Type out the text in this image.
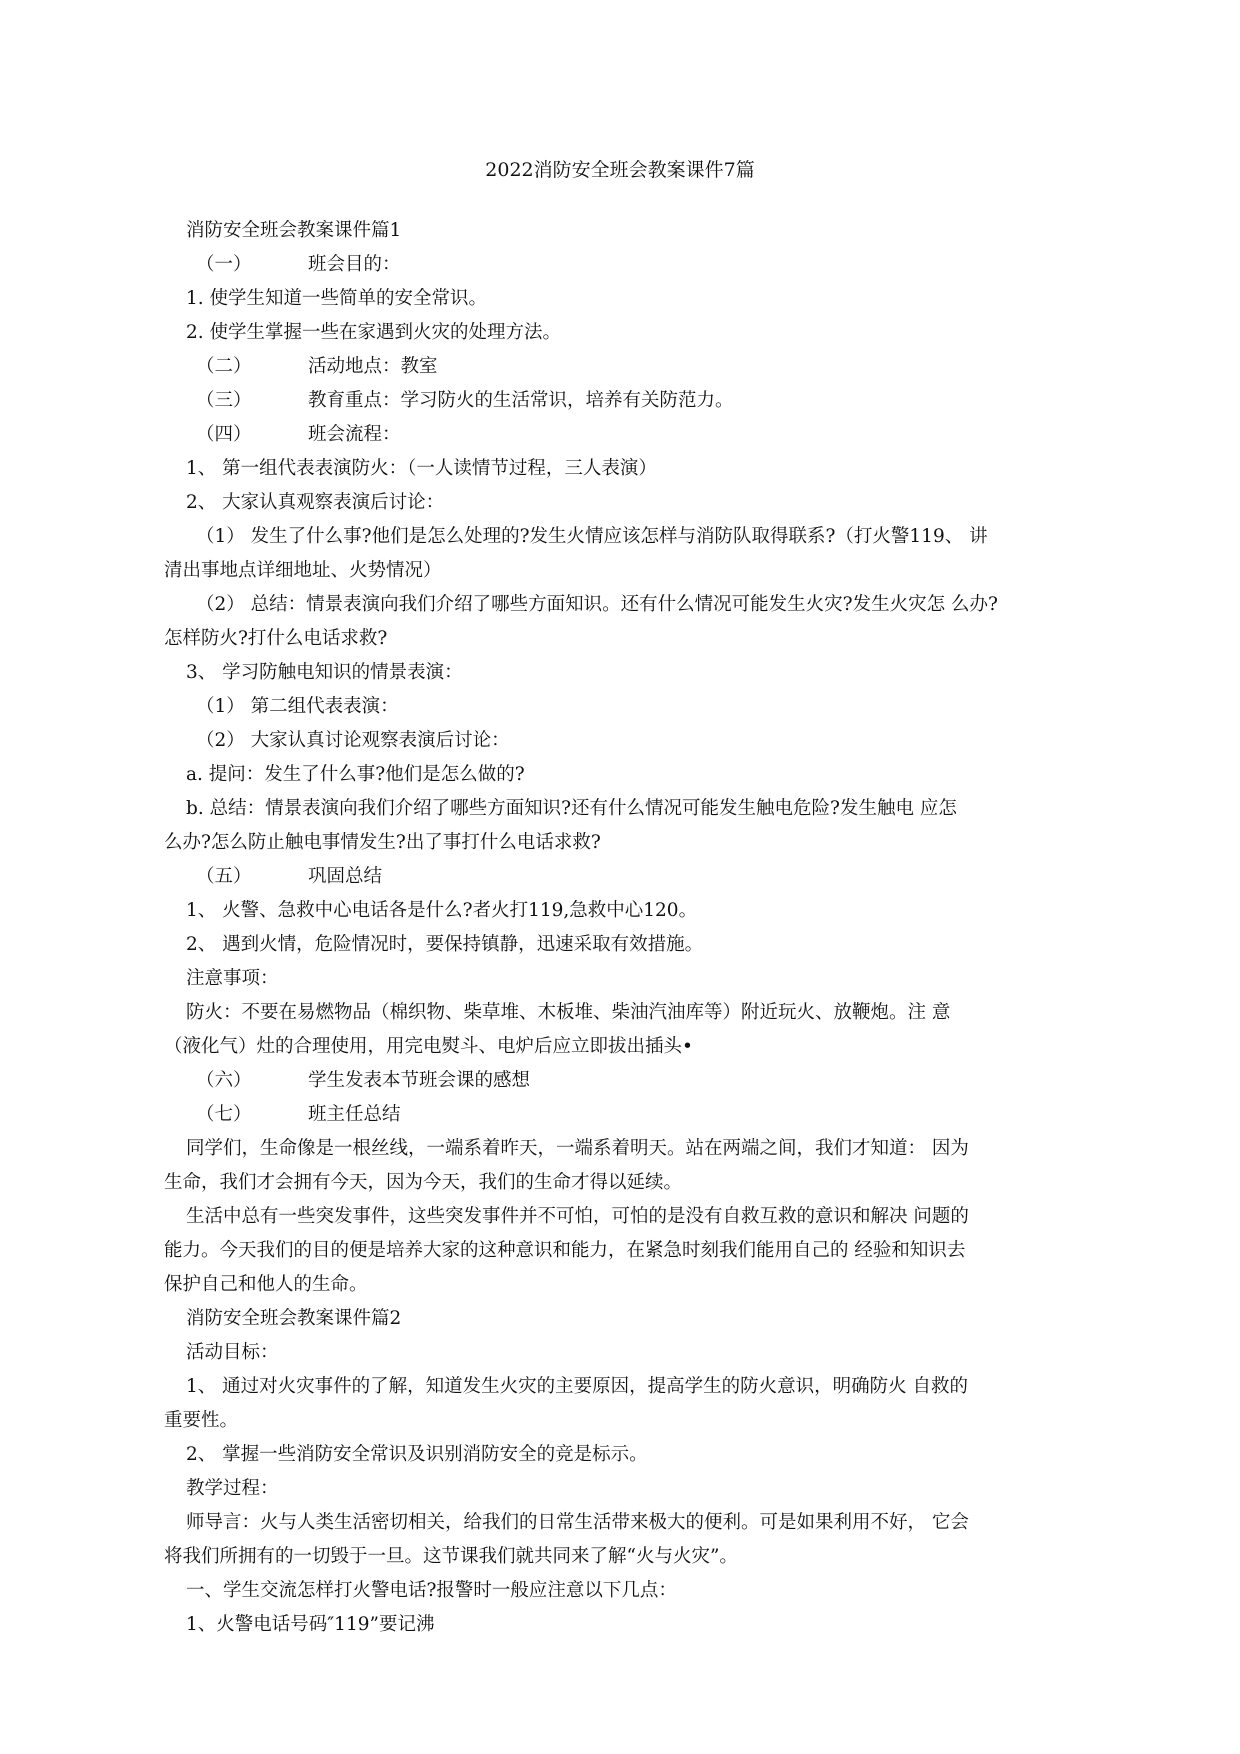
2022消防安全班会教案课件7篇
消防安全班会教案课件篇1
（一）	班会目的：
1. 使学生知道一些简单的安全常识。
2. 使学生掌握一些在家遇到火灾的处理方法。
（二）	活动地点：教室
（三）	教育重点：学习防火的生活常识，培养有关防范力。
（四）	班会流程：
1、 第一组代表表演防火：（一人读情节过程，三人表演）
2、 大家认真观察表演后讨论：
（1） 发生了什么事?他们是怎么处理的?发生火情应该怎样与消防队取得联系?（打火警119、 讲
清出事地点详细地址、火势情况）
（2） 总结：情景表演向我们介绍了哪些方面知识。还有什么情况可能发生火灾?发生火灾怎 么办?
怎样防火?打什么电话求救?
3、 学习防触电知识的情景表演：
（1） 第二组代表表演：
（2） 大家认真讨论观察表演后讨论：
a. 提问：发生了什么事?他们是怎么做的?
b. 总结：情景表演向我们介绍了哪些方面知识?还有什么情况可能发生触电危险?发生触电 应怎
么办?怎么防止触电事情发生?出了事打什么电话求救?
（五）	巩固总结
1、 火警、急救中心电话各是什么?者火打119,急救中心120。
2、 遇到火情，危险情况时，要保持镇静，迅速采取有效措施。
注意事项：
防火：不要在易燃物品（棉织物、柴草堆、木板堆、柴油汽油库等）附近玩火、放鞭炮。注 意
（液化气）灶的合理使用，用完电熨斗、电炉后应立即拔出插头•
（六）	学生发表本节班会课的感想
（七）	班主任总结
同学们，生命像是一根丝线，一端系着昨天，一端系着明天。站在两端之间，我们才知道： 因为
生命，我们才会拥有今天，因为今天，我们的生命才得以延续。
生活中总有一些突发事件，这些突发事件并不可怕，可怕的是没有自救互救的意识和解决 问题的
能力。今天我们的目的便是培养大家的这种意识和能力，在紧急时刻我们能用自己的 经验和知识去
保护自己和他人的生命。
消防安全班会教案课件篇2
活动目标：
1、 通过对火灾事件的了解，知道发生火灾的主要原因，提高学生的防火意识，明确防火 自救的
重要性。
2、 掌握一些消防安全常识及识别消防安全的竞是标示。
教学过程：
师导言：火与人类生活密切相关，给我们的日常生活带来极大的便利。可是如果利用不好， 它会
将我们所拥有的一切毁于一旦。这节课我们就共同来了解“火与火灾”。
一、学生交流怎样打火警电话?报警时一般应注意以下几点：
1、火警电话号码″119”要记沸
